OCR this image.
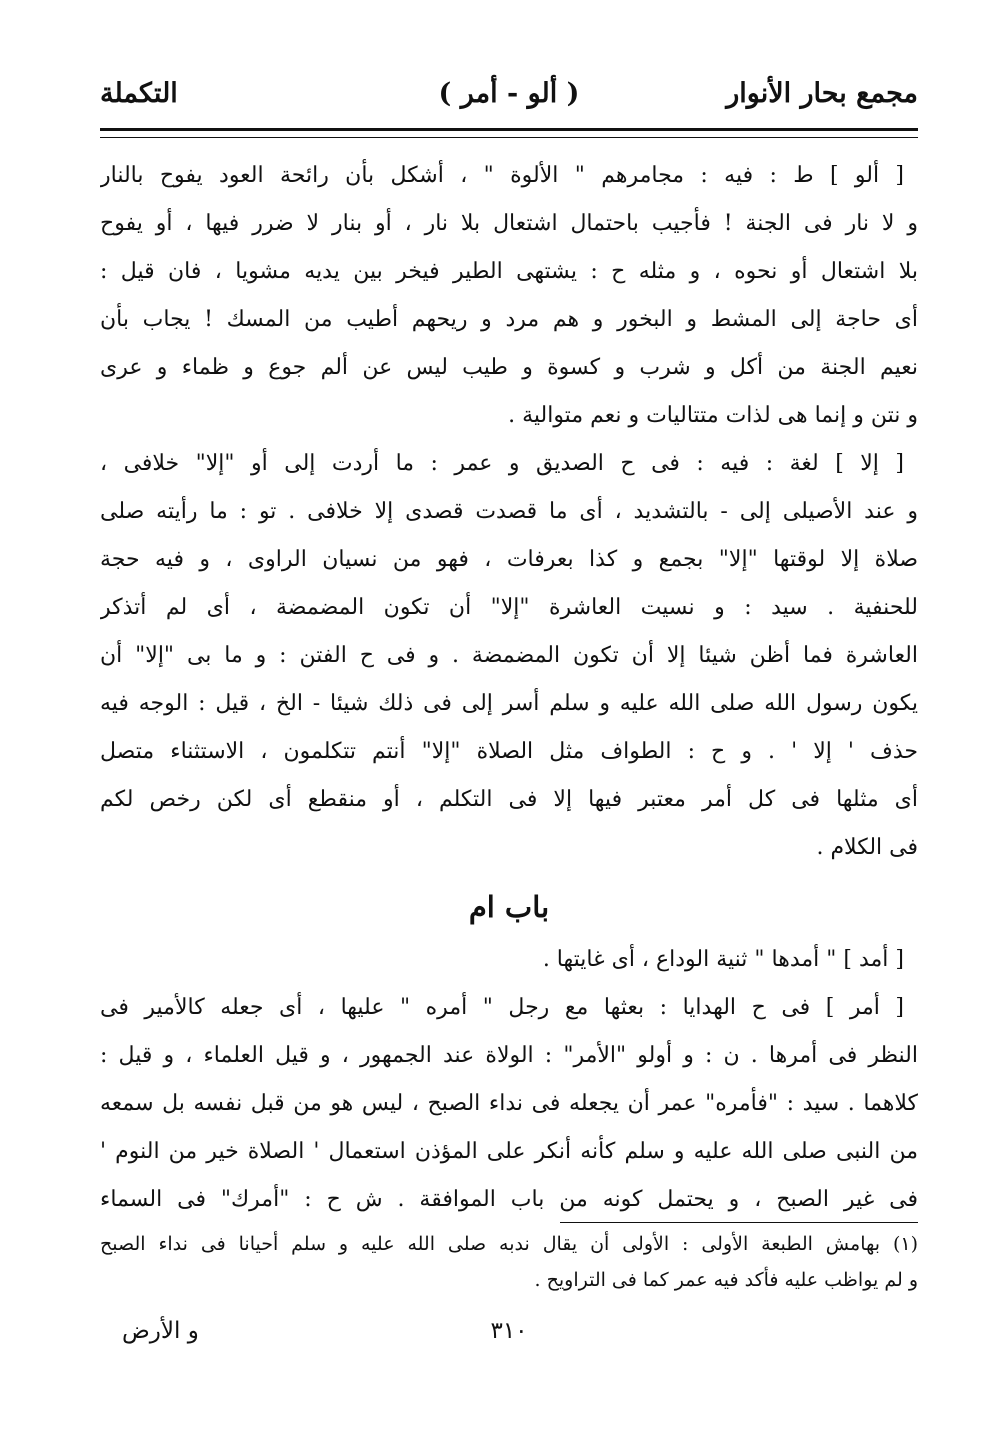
مجمع بحار الأنوار
( ألو - أمر )
التكملة
[ ألو ] ط : فيه : مجامرهم " الألوة " ، أشكل بأن رائحة العود يفوح بالنار
و لا نار فى الجنة ! فأجيب باحتمال اشتعال بلا نار ، أو بنار لا ضرر فيها ، أو يفوح
بلا اشتعال أو نحوه ، و مثله ح : يشتهى الطير فيخر بين يديه مشويا ، فان قيل :
أى حاجة إلى المشط و البخور و هم مرد و ريحهم أطيب من المسك ! يجاب بأن
نعيم الجنة من أكل و شرب و كسوة و طيب ليس عن ألم جوع و ظماء و عرى
و نتن و إنما هى لذات متتاليات و نعم متوالية .
[ إلا ] لغة : فيه : فى ح الصديق و عمر : ما أردت إلى أو "إلا" خلافى ،
و عند الأصيلى إلى - بالتشديد ، أى ما قصدت قصدى إلا خلافى . تو : ما رأيته صلى
صلاة إلا لوقتها "إلا" بجمع و كذا بعرفات ، فهو من نسيان الراوى ، و فيه حجة
للحنفية . سيد : و نسيت العاشرة "إلا" أن تكون المضمضة ، أى لم أتذكر
العاشرة فما أظن شيئا إلا أن تكون المضمضة . و فى ح الفتن : و ما بى "إلا" أن
يكون رسول الله صلى الله عليه و سلم أسر إلى فى ذلك شيئا - الخ ، قيل : الوجه فيه
حذف ' إلا ' . و ح : الطواف مثل الصلاة "إلا" أنتم تتكلمون ، الاستثناء متصل
أى مثلها فى كل أمر معتبر فيها إلا فى التكلم ، أو منقطع أى لكن رخص لكم
فى الكلام .
باب ام
[ أمد ] " أمدها " ثنية الوداع ، أى غايتها .
[ أمر ] فى ح الهدايا : بعثها مع رجل " أمره " عليها ، أى جعله كالأمير فى
النظر فى أمرها . ن : و أولو "الأمر" : الولاة عند الجمهور ، و قيل العلماء ، و قيل :
كلاهما . سيد : "فأمره" عمر أن يجعله فى نداء الصبح ، ليس هو من قبل نفسه بل سمعه
من النبى صلى الله عليه و سلم كأنه أنكر على المؤذن استعمال ' الصلاة خير من النوم '
فى غير الصبح ، و يحتمل كونه من باب الموافقة . ش ح : "أمرك" فى السماء
(١) بهامش الطبعة الأولى : الأولى أن يقال ندبه صلى الله عليه و سلم أحيانا فى نداء الصبح
و لم يواظب عليه فأكد فيه عمر كما فى التراويح .
٣١٠
و الأرض
